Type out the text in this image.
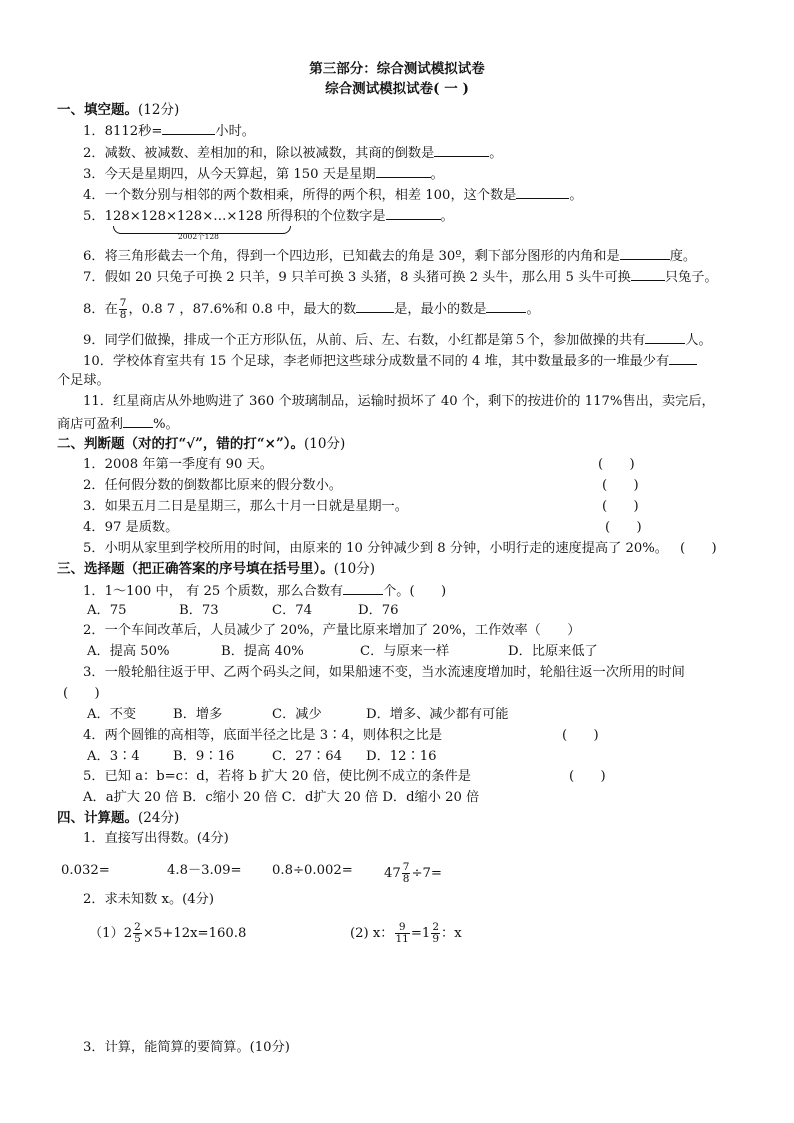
第三部分：综合测试模拟试卷
综合测试模拟试卷( 一 )
一、填空题。(12分)
1．8112秒=	小时。
2．减数、被减数、差相加的和，除以被减数，其商的倒数是	。
3．今天是星期四，从今天算起，第 150 天是星期	。
4．一个数分别与相邻的两个数相乘，所得的两个积，相差 100，这个数是	。
5．128×128×128×…×128 所得积的个位数字是	。
2002个128
6．将三角形截去一个角，得到一个四边形，已知截去的角是 30º，剩下部分图形的内角和是	度。
7．假如 20 只兔子可换 2 只羊，9 只羊可换 3 头猪，8 头猪可换 2 头牛，那么用 5 头牛可换	只兔子。
8．在 $\frac{7}{8}$ ，0.8 7 ，87.6%和 0.8 中，最大的数	是，最小的数是	。
9．同学们做操，排成一个正方形队伍，从前、后、左、右数，小红都是第５个，参加做操的共有	人。
10．学校体育室共有 15 个足球，李老师把这些球分成数量不同的 4 堆，其中数量最多的一堆最少有
个足球。
11．红星商店从外地购进了 360 个玻璃制品，运输时损坏了 40 个，剩下的按进价的 117%售出，卖完后，
商店可盈利 %。
二、判断题（对的打“√”，错的打“×”）。(10分)
1．2008 年第一季度有 90 天。	(　　)
2．任何假分数的倒数都比原来的假分数小。	(　　)
3．如果五月二日是星期三，那么十月一日就是星期一。	(　　)
4．97 是质数。	(　　)
5．小明从家里到学校所用的时间，由原来的 10 分钟减少到 8 分钟，小明行走的速度提高了 20%。 (　　)
三、选择题（把正确答案的序号填在括号里）。(10分)
1．1～100 中， 有 25 个质数，那么合数有	个。(　　)
A．75	B．73	C．74	D．76
2．一个车间改革后，人员减少了 20%，产量比原来增加了 20%，工作效率（　　）
A．提高 50%	B．提高 40%	C．与原来一样	D．比原来低了
3．一般轮船往返于甲、乙两个码头之间，如果船速不变，当水流速度增加时，轮船往返一次所用的时间
(　　)
A．不变	B．增多	C．减少	D．增多、减少都有可能
4．两个圆锥的高相等，底面半径之比是 3∶4，则体积之比是	(　　)
A．3∶4	B．9∶16	C．27∶64 D．12∶16
5．已知 a：b=c：d，若将 b 扩大 20 倍，使比例不成立的条件是	(　　)
A．a扩大 20 倍 B．c缩小 20 倍 C．d扩大 20 倍 D．d缩小 20 倍
四、计算题。(24分)
1．直接写出得数。(4分)
0.032=	$4.8-3.09= 0.8\div 0.002= 47 \frac{7}{8} \div 7=$
2．求未知数 x。(4分)
$(1)2 \frac{2}{5} \times 5+12x=160.8$	(2) x： $\frac{9}{11} =1 \frac{2}{9}$ ：x
3．计算，能简算的要简算。(10分)
